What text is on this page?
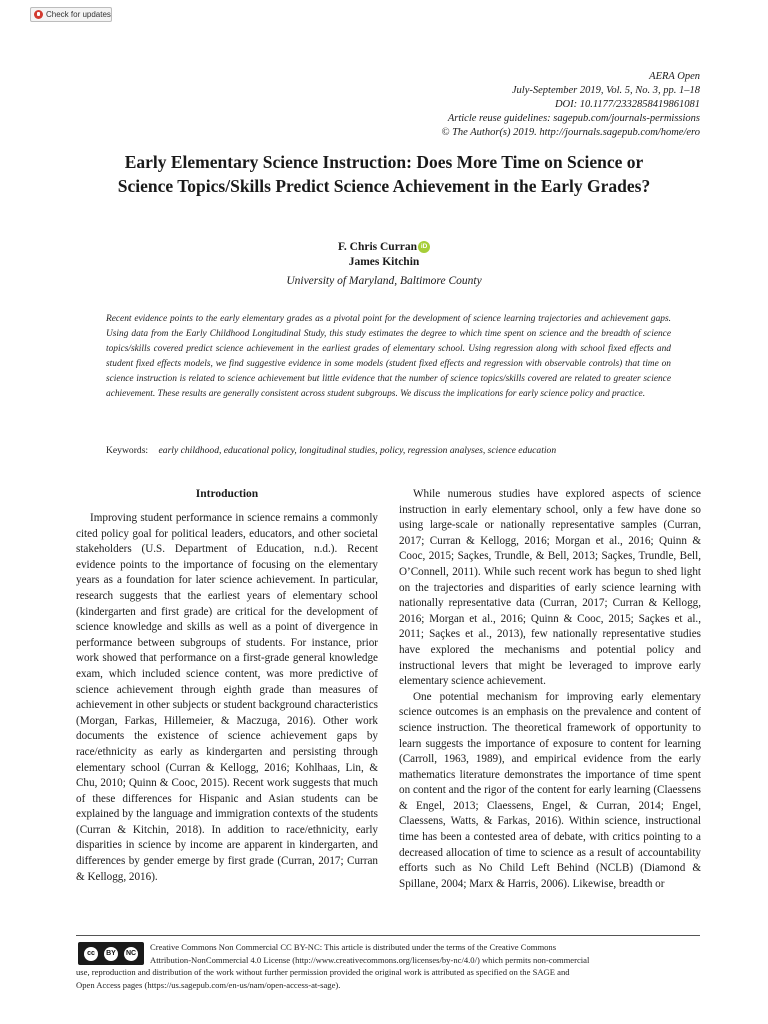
Check for updates
AERA Open
July-September 2019, Vol. 5, No. 3, pp. 1–18
DOI: 10.1177/2332858419861081
Article reuse guidelines: sagepub.com/journals-permissions
© The Author(s) 2019. http://journals.sagepub.com/home/ero
Early Elementary Science Instruction: Does More Time on Science or
Science Topics/Skills Predict Science Achievement in the Early Grades?
F. Chris Curran iD
James Kitchin
University of Maryland, Baltimore County
Recent evidence points to the early elementary grades as a pivotal point for the development of science learning trajectories and achievement gaps. Using data from the Early Childhood Longitudinal Study, this study estimates the degree to which time spent on science and the breadth of science topics/skills covered predict science achievement in the earliest grades of elementary school. Using regression along with school fixed effects and student fixed effects models, we find suggestive evidence in some models (student fixed effects and regression with observable controls) that time on science instruction is related to science achievement but little evidence that the number of science topics/skills covered are related to greater science achievement. These results are generally consistent across student subgroups. We discuss the implications for early science policy and practice.
Keywords: early childhood, educational policy, longitudinal studies, policy, regression analyses, science education
Introduction

Improving student performance in science remains a commonly cited policy goal for political leaders, educators, and other societal stakeholders (U.S. Department of Education, n.d.). Recent evidence points to the importance of focusing on the elementary years as a foundation for later science achievement. In particular, research suggests that the earliest years of elementary school (kindergarten and first grade) are critical for the development of science knowledge and skills as well as a point of divergence in performance between subgroups of students. For instance, prior work showed that performance on a first-grade general knowledge exam, which included science content, was more predictive of science achievement through eighth grade than measures of achievement in other subjects or student background characteristics (Morgan, Farkas, Hillemeier, & Maczuga, 2016). Other work documents the existence of science achievement gaps by race/ethnicity as early as kindergarten and persisting through elementary school (Curran & Kellogg, 2016; Kohlhaas, Lin, & Chu, 2010; Quinn & Cooc, 2015). Recent work suggests that much of these differences for Hispanic and Asian students can be explained by the language and immigration contexts of the students (Curran & Kitchin, 2018). In addition to race/ethnicity, early disparities in science by income are apparent in kindergarten, and differences by gender emerge by first grade (Curran, 2017; Curran & Kellogg, 2016).

While numerous studies have explored aspects of science instruction in early elementary school, only a few have done so using large-scale or nationally representative samples (Curran, 2017; Curran & Kellogg, 2016; Morgan et al., 2016; Quinn & Cooc, 2015; Saçkes, Trundle, & Bell, 2013; Saçkes, Trundle, Bell, O’Connell, 2011). While such recent work has begun to shed light on the trajectories and disparities of early science learning with nationally representative data (Curran, 2017; Curran & Kellogg, 2016; Morgan et al., 2016; Quinn & Cooc, 2015; Saçkes et al., 2011; Saçkes et al., 2013), few nationally representative studies have explored the mechanisms and potential policy and instructional levers that might be leveraged to improve early elementary science achievement.

One potential mechanism for improving early elementary science outcomes is an emphasis on the prevalence and content of science instruction. The theoretical framework of opportunity to learn suggests the importance of exposure to content for learning (Carroll, 1963, 1989), and empirical evidence from the early mathematics literature demonstrates the importance of time spent on content and the rigor of the content for early learning (Claessens & Engel, 2013; Claessens, Engel, & Curran, 2014; Engel, Claessens, Watts, & Farkas, 2016). Within science, instructional time has been a contested area of debate, with critics pointing to a decreased allocation of time to science as a result of accountability efforts such as No Child Left Behind (NCLB) (Diamond & Spillane, 2004; Marx & Harris, 2006). Likewise, breadth or

Creative Commons Non Commercial CC BY-NC: This article is distributed under the terms of the Creative Commons
Attribution-NonCommercial 4.0 License (http://www.creativecommons.org/licenses/by-nc/4.0/) which permits non-commercial
use, reproduction and distribution of the work without further permission provided the original work is attributed as specified on the SAGE and
Open Access pages (https://us.sagepub.com/en-us/nam/open-access-at-sage).
cc	BY	NC
